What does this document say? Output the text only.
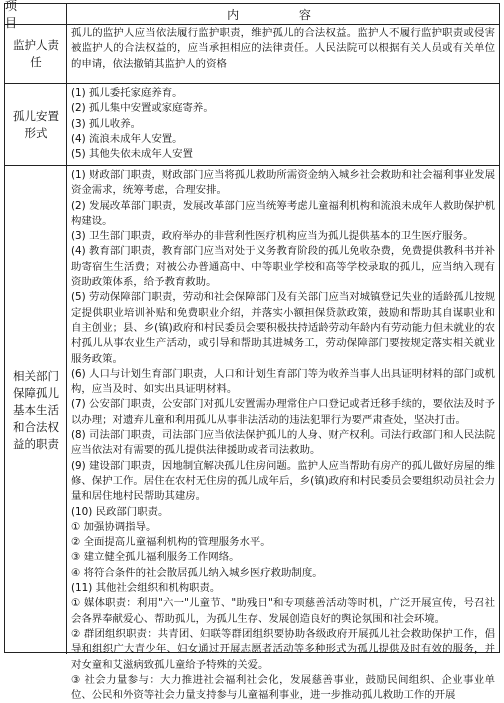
项 目
内 容
监护人责任

孤儿的监护人应当依法履行监护职责，维护孤儿的合法权益。监护人不履行监护职责或侵害被监护人的合法权益的，应当承担相应的法律责任。人民法院可以根据有关人员或有关单位的申请，依法撤销其监护人的资格

孤儿安置形式

(1) 孤儿委托家庭养育。

(2) 孤儿集中安置或家庭寄养。

(3) 孤儿收养。

(4) 流浪未成年人安置。

(5) 其他失依未成年人安置

相关部门保障孤儿基本生活和合法权益的职责

(1) 财政部门职责，财政部门应当将孤儿救助所需资金纳入城乡社会救助和社会福利事业发展资金需求，统筹考虑，合理安排。

(2) 发展改革部门职责，发展改革部门应当统筹考虑儿童福利机构和流浪未成年人救助保护机构建设。

(3) 卫生部门职责，政府举办的非营利性医疗机构应当为孤儿提供基本的卫生医疗服务。

(4) 教育部门职责，教育部门应当对处于义务教育阶段的孤儿免收杂费，免费提供教科书并补助寄宿生生活费；对被公办普通高中、中等职业学校和高等学校录取的孤儿，应当纳入现有资助政策体系，给予教育救助。

(5) 劳动保障部门职责，劳动和社会保障部门及有关部门应当对城镇登记失业的适龄孤儿按规定提供职业培训补贴和免费职业介绍，并落实小额担保贷款政策，鼓励和帮助其自谋职业和自主创业；县、乡(镇)政府和村民委员会要积极扶持适龄劳动年龄内有劳动能力但未就业的农村孤儿从事农业生产活动，或引导和帮助其进城务工，劳动保障部门要按规定落实相关就业服务政策。

(6) 人口与计划生育部门职责，人口和计划生育部门等为收养当事人出具证明材料的部门或机构，应当及时、如实出具证明材料。

(7) 公安部门职责，公安部门对孤儿安置需办理常住户口登记或者迁移手续的，要依法及时予以办理；对遗弃儿童和利用孤儿从事非法活动的违法犯罪行为要严肃查处，坚决打击。

(8) 司法部门职责，司法部门应当依法保护孤儿的人身、财产权利。司法行政部门和人民法院应当依法对有需要的孤儿提供法律援助或者司法救助。

(9) 建设部门职责，因地制宜解决孤儿住房问题。监护人应当帮助有房产的孤儿做好房屋的维修、保护工作。居住在农村无住房的孤儿成年后，乡(镇)政府和村民委员会要组织动员社会力量和居住地村民帮助其建房。

(10) 民政部门职责。

① 加强协调指导。

② 全面提高儿童福利机构的管理服务水平。

③ 建立健全孤儿福利服务工作网络。

④ 将符合条件的社会散居孤儿纳入城乡医疗救助制度。

(11) 其他社会组织和机构职责。

① 媒体职责：利用"六一"儿童节、"助残日"和专项慈善活动等时机，广泛开展宣传，号召社会各界奉献爱心、帮助孤儿，为孤儿生存、发展创造良好的舆论氛围和社会环境。

② 群团组织职责：共青团、妇联等群团组织要协助各级政府开展孤儿社会救助保护工作，倡导和组织广大青少年、妇女通过开展志愿者活动等多种形式为孤儿提供及时有效的服务，并对女童和艾滋病致孤儿童给予特殊的关爱。

③ 社会力量参与：大力推进社会福利社会化，发展慈善事业，鼓励民间组织、企业事业单位、公民和外资等社会力量支持参与儿童福利事业，进一步推动孤儿救助工作的开展
